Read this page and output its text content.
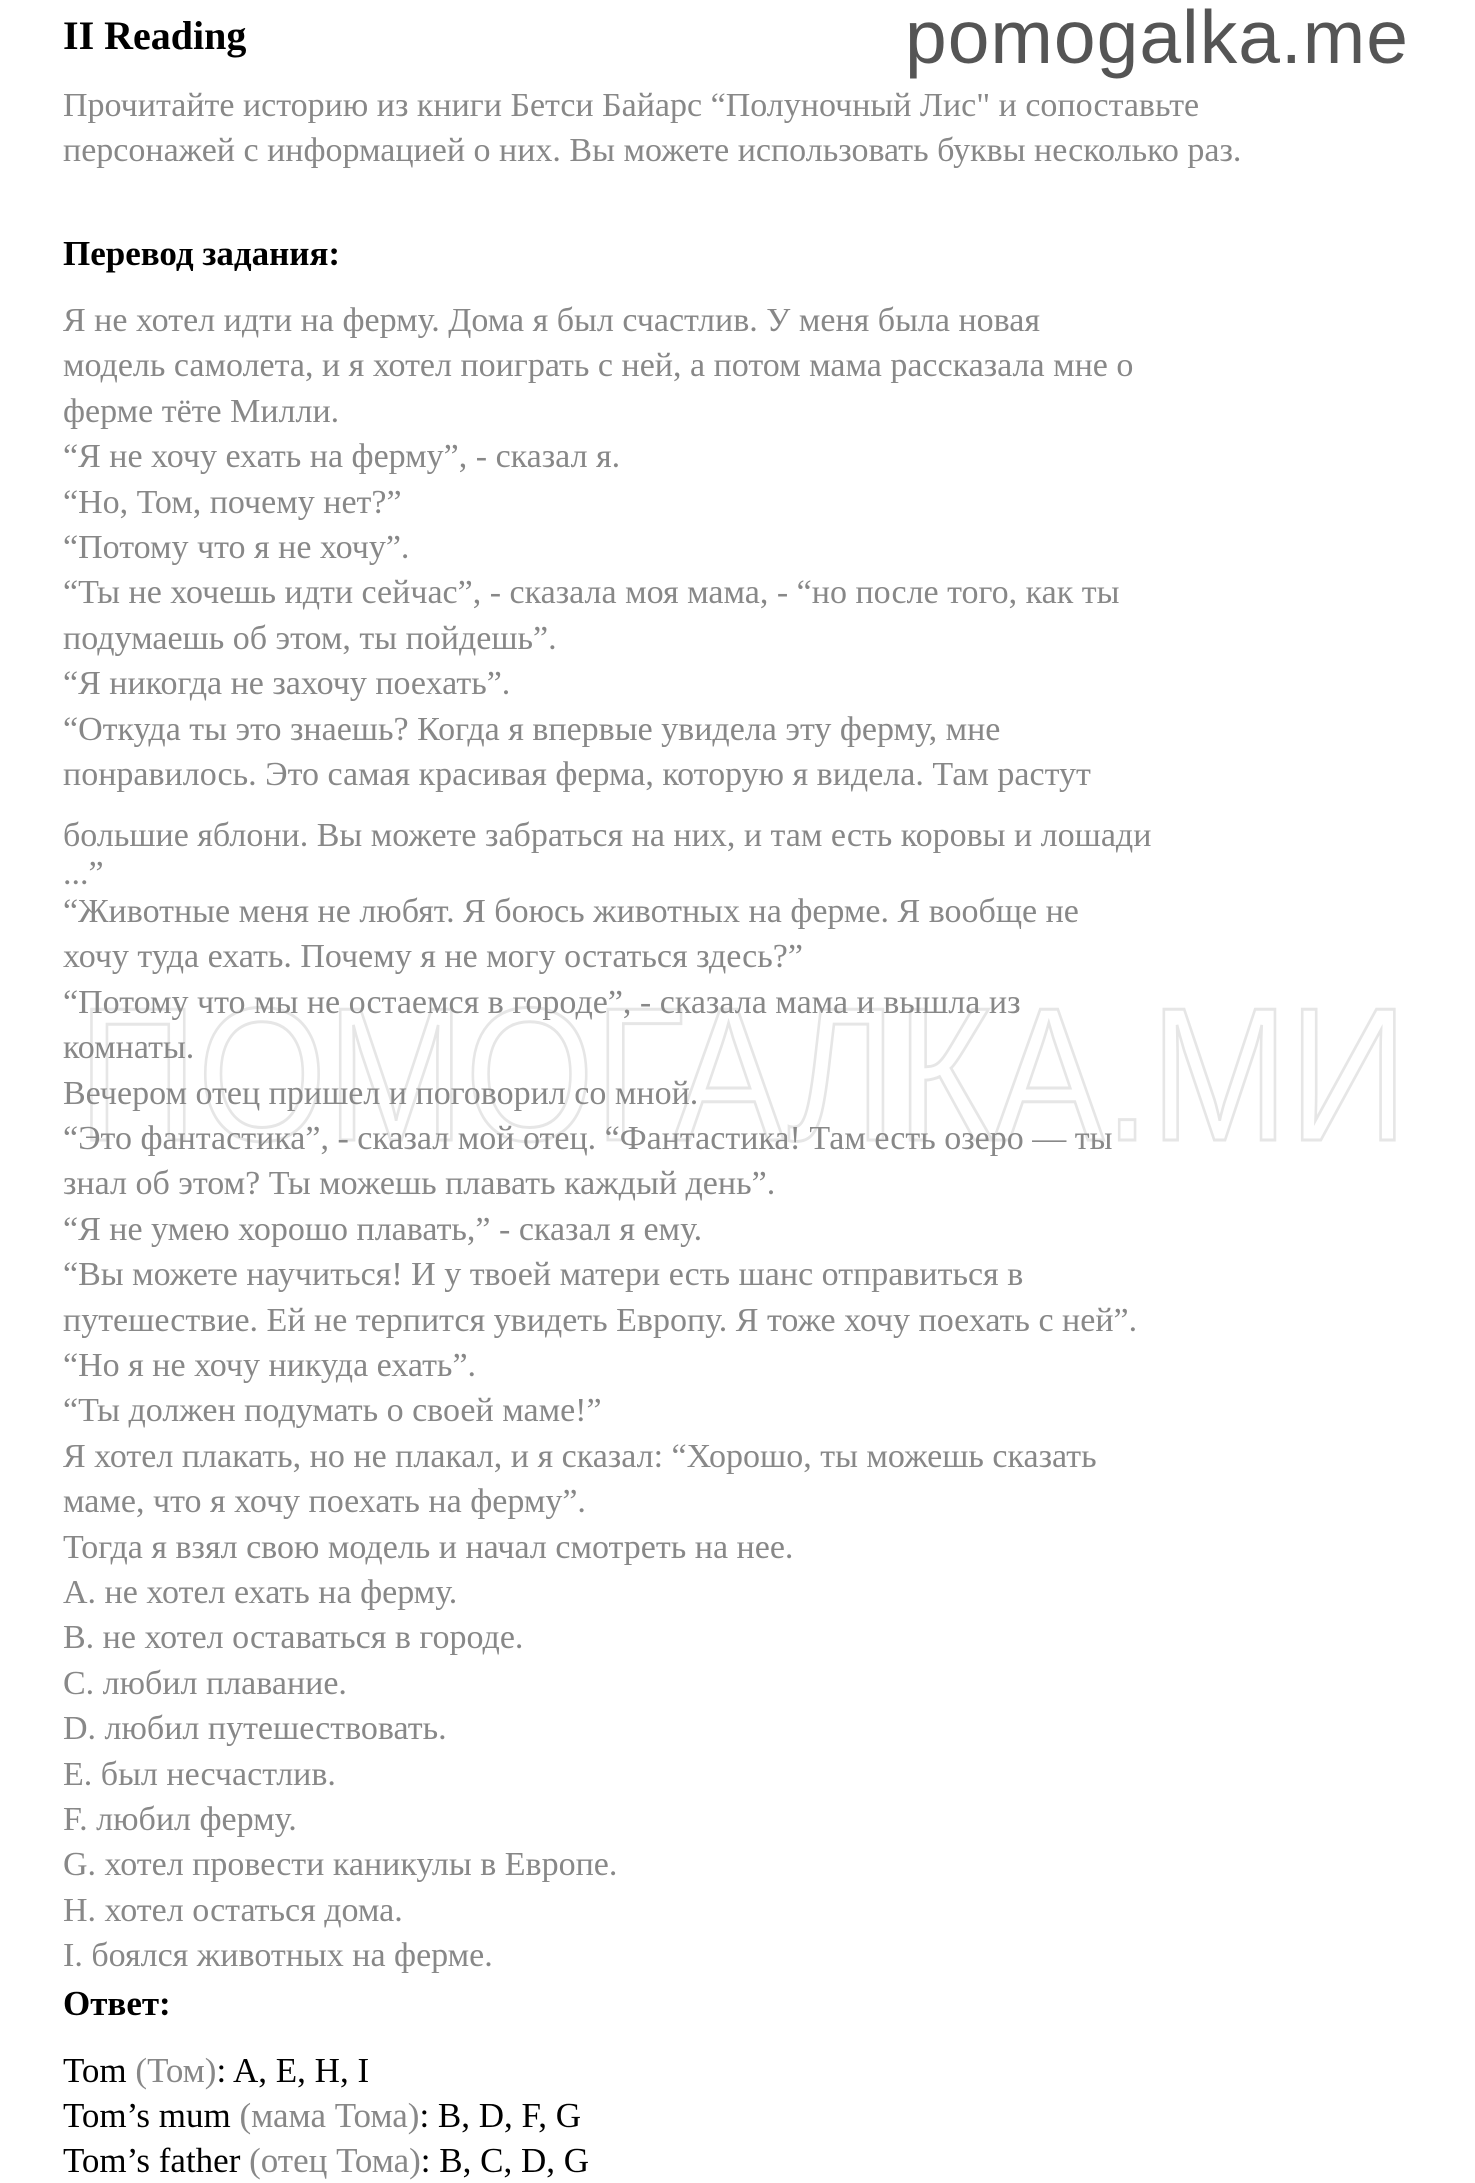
ПОМОГАЛКА.МИ
pomogalka.me
II Reading
Прочитайте историю из книги Бетси Байарс “Полуночный Лис" и сопоставьте персонажей с информацией о них. Вы можете использовать буквы несколько раз.
Перевод задания:
Я не хотел идти на ферму. Дома я был счастлив. У меня была новая
модель самолета, и я хотел поиграть с ней, а потом мама рассказала мне о
ферме тёте Милли.
“Я не хочу ехать на ферму”, - сказал я.
“Но, Том, почему нет?”
“Потому что я не хочу”.
“Ты не хочешь идти сейчас”, - сказала моя мама, - “но после того, как ты
подумаешь об этом, ты пойдешь”.
“Я никогда не захочу поехать”.
“Откуда ты это знаешь? Когда я впервые увидела эту ферму, мне
понравилось. Это самая красивая ферма, которую я видела. Там растут
большие яблони. Вы можете забраться на них, и там есть коровы и лошади
...”
“Животные меня не любят. Я боюсь животных на ферме. Я вообще не
хочу туда ехать. Почему я не могу остаться здесь?”
“Потому что мы не остаемся в городе”, - сказала мама и вышла из
комнаты.
Вечером отец пришел и поговорил со мной.
“Это фантастика”, - сказал мой отец. “Фантастика! Там есть озеро — ты
знал об этом? Ты можешь плавать каждый день”.
“Я не умею хорошо плавать,” - сказал я ему.
“Вы можете научиться! И у твоей матери есть шанс отправиться в
путешествие. Ей не терпится увидеть Европу. Я тоже хочу поехать с ней”.
“Но я не хочу никуда ехать”.
“Ты должен подумать о своей маме!”
Я хотел плакать, но не плакал, и я сказал: “Хорошо, ты можешь сказать
маме, что я хочу поехать на ферму”.
Тогда я взял свою модель и начал смотреть на нее.
A. не хотел ехать на ферму.
B. не хотел оставаться в городе.
C. любил плавание.
D. любил путешествовать.
E. был несчастлив.
F. любил ферму.
G. хотел провести каникулы в Европе.
H. хотел остаться дома.
I. боялся животных на ферме.
Ответ:
Tom (Том): A, E, H, I
Tom’s mum (мама Тома): B, D, F, G
Tom’s father (отец Тома): B, C, D, G
